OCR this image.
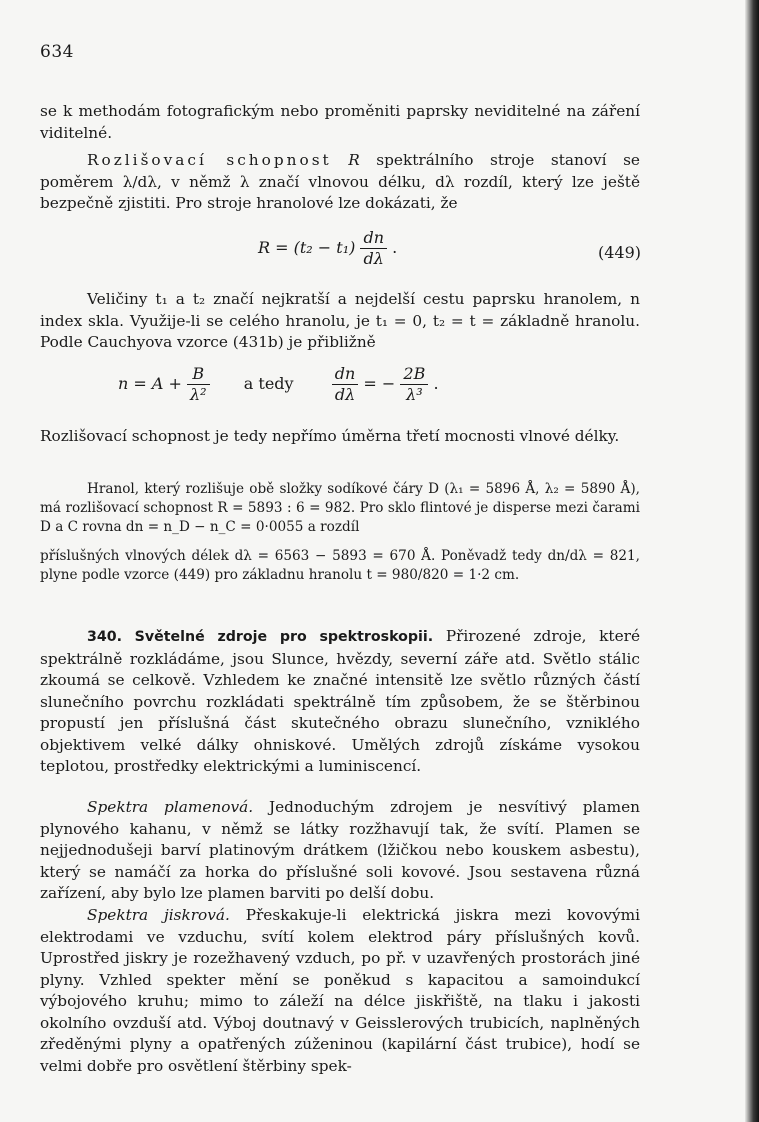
634

se k methodám fotografickým nebo proměniti paprsky neviditelné na záření viditelné.

Rozlišovací schopnost R spektrálního stroje stanoví se poměrem λ/dλ, v němž λ značí vlnovou délku, dλ rozdíl, který lze ještě bezpečně zjistiti. Pro stroje hranolové lze dokázati, že

$R = (t_2 - t_1) \frac{dn}{d\lambda}$ .	(449)

Veličiny t₁ a t₂ značí nejkratší a nejdelší cestu paprsku hranolem, n index skla. Využije-li se celého hranolu, je t₁ = 0, t₂ = t = základně hranolu. Podle Cauchyova vzorce (431b) je přibližně

$n = A + \frac{B}{\text{λ²}}$ a tedy $\frac{dn}{d\lambda}$ = − $\frac{2B}{\text{λ³}}$ .

Rozlišovací schopnost je tedy nepřímo úměrna třetí mocnosti vlnové délky.

Hranol, který rozlišuje obě složky sodíkové čáry D (λ₁ = 5896 Å, λ₂ = 5890 Å), má rozlišovací schopnost R = 5893 : 6 = 982. Pro sklo flintové je disperse mezi čarami D a C rovna dn = n_D − n_C = 0·0055 a rozdíl

příslušných vlnových délek dλ = 6563 − 5893 = 670 Å. Poněvadž tedy dn/dλ = 821, plyne podle vzorce (449) pro základnu hranolu t = 980/820 = 1·2 cm.

340. Světelné zdroje pro spektroskopii. Přirozené zdroje, které spektrálně rozkládáme, jsou Slunce, hvězdy, severní záře atd. Světlo stálic zkoumá se celkově. Vzhledem ke značné intensitě lze světlo různých částí slunečního povrchu rozkládati spektrálně tím způsobem, že se štěrbinou propustí jen příslušná část skutečného obrazu slunečního, vzniklého objektivem velké dálky ohniskové. Umělých zdrojů získáme vysokou teplotou, prostředky elektrickými a luminiscencí.

Spektra plamenová. Jednoduchým zdrojem je nesvítivý plamen plynového kahanu, v němž se látky rozžhavují tak, že svítí. Plamen se nejjednodušeji barví platinovým drátkem (lžičkou nebo kouskem asbestu), který se namáčí za horka do příslušné soli kovové. Jsou sestavena různá zařízení, aby bylo lze plamen barviti po delší dobu.

Spektra jiskrová. Přeskakuje-li elektrická jiskra mezi kovovými elektrodami ve vzduchu, svítí kolem elektrod páry příslušných kovů. Uprostřed jiskry je rozežhavený vzduch, po př. v uzavřených prostorách jiné plyny. Vzhled spekter mění se poněkud s kapacitou a samoindukcí výbojového kruhu; mimo to záleží na délce jiskřiště, na tlaku i jakosti okolního ovzduší atd. Výboj doutnavý v Geisslerových trubicích, naplněných zředěnými plyny a opatřených zúženinou (kapilární část trubice), hodí se velmi dobře pro osvětlení štěrbiny spek-
